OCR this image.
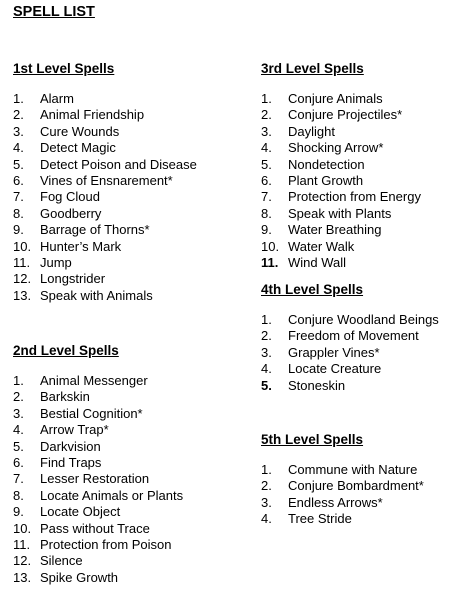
SPELL LIST
1st Level Spells
1. Alarm
2. Animal Friendship
3. Cure Wounds
4. Detect Magic
5. Detect Poison and Disease
6. Vines of Ensnarement*
7. Fog Cloud
8. Goodberry
9. Barrage of Thorns*
10. Hunter’s Mark
11. Jump
12. Longstrider
13. Speak with Animals
2nd Level Spells
1. Animal Messenger
2. Barkskin
3. Bestial Cognition*
4. Arrow Trap*
5. Darkvision
6. Find Traps
7. Lesser Restoration
8. Locate Animals or Plants
9. Locate Object
10. Pass without Trace
11. Protection from Poison
12. Silence
13. Spike Growth
3rd Level Spells
1. Conjure Animals
2. Conjure Projectiles*
3. Daylight
4. Shocking Arrow*
5. Nondetection
6. Plant Growth
7. Protection from Energy
8. Speak with Plants
9. Water Breathing
10. Water Walk
11. Wind Wall
4th Level Spells
1. Conjure Woodland Beings
2. Freedom of Movement
3. Grappler Vines*
4. Locate Creature
5. Stoneskin
5th Level Spells
1. Commune with Nature
2. Conjure Bombardment*
3. Endless Arrows*
4. Tree Stride
